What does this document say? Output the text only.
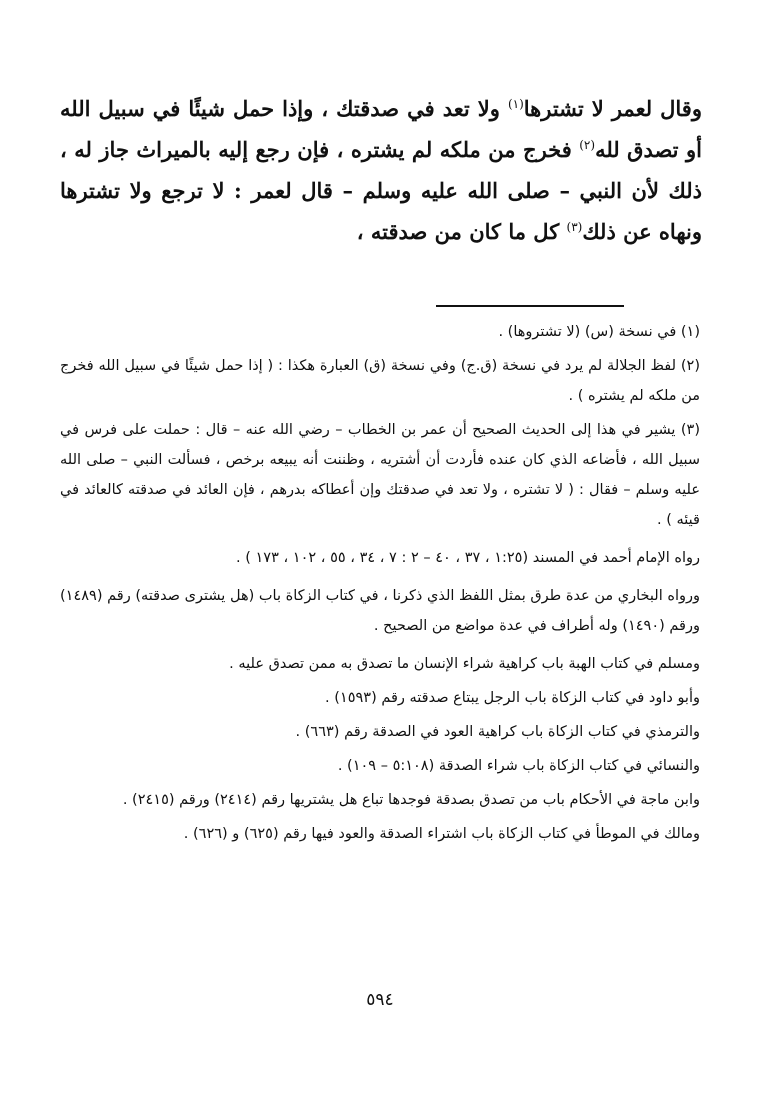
وقال لعمر لا تشترها$^{(١)}$ ولا تعد في صدقتك ، وإذا حمل شيئًا في سبيل الله أو تصدق لله$^{(٢)}$ فخرج من ملكه لم يشتره ، فإن رجع إليه بالميراث جاز له ، ذلك لأن النبي – صلى الله عليه وسلم – قال لعمر : لا ترجع ولا تشترها ونهاه عن ذلك$^{(٣)}$ كل ما كان من صدقته ،

(١) في نسخة (س) (لا تشتروها) .

(٢) لفظ الجلالة لم يرد في نسخة (ق.ج) وفي نسخة (ق) العبارة هكذا : ( إذا حمل شيئًا في سبيل الله فخرج من ملكه لم يشتره ) .

(٣) يشير في هذا إلى الحديث الصحيح أن عمر بن الخطاب – رضي الله عنه – قال : حملت على فرس في سبيل الله ، فأضاعه الذي كان عنده فأردت أن أشتريه ، وظننت أنه يبيعه برخص ، فسألت النبي – صلى الله عليه وسلم – فقال : ( لا تشتره ، ولا تعد في صدقتك وإن أعطاكه بدرهم ، فإن العائد في صدقته كالعائد في قيئه ) .

رواه الإمام أحمد في المسند (١:٢٥ ، ٣٧ ، ٤٠ – ٢ : ٧ ، ٣٤ ، ٥٥ ، ١٠٢ ، ١٧٣ ) .

ورواه البخاري من عدة طرق بمثل اللفظ الذي ذكرنا ، في كتاب الزكاة باب (هل يشترى صدقته) رقم (١٤٨٩) ورقم (١٤٩٠) وله أطراف في عدة مواضع من الصحيح .

ومسلم في كتاب الهبة باب كراهية شراء الإنسان ما تصدق به ممن تصدق عليه .

وأبو داود في كتاب الزكاة باب الرجل يبتاع صدقته رقم (١٥٩٣) .

والترمذي في كتاب الزكاة باب كراهية العود في الصدقة رقم (٦٦٣) .

والنسائي في كتاب الزكاة باب شراء الصدقة (٥:١٠٨ – ١٠٩) .

وابن ماجة في الأحكام باب من تصدق بصدقة فوجدها تباع هل يشتريها رقم (٢٤١٤) ورقم (٢٤١٥) .

ومالك في الموطأ في كتاب الزكاة باب اشتراء الصدقة والعود فيها رقم (٦٢٥) و (٦٢٦) .

٥٩٤
